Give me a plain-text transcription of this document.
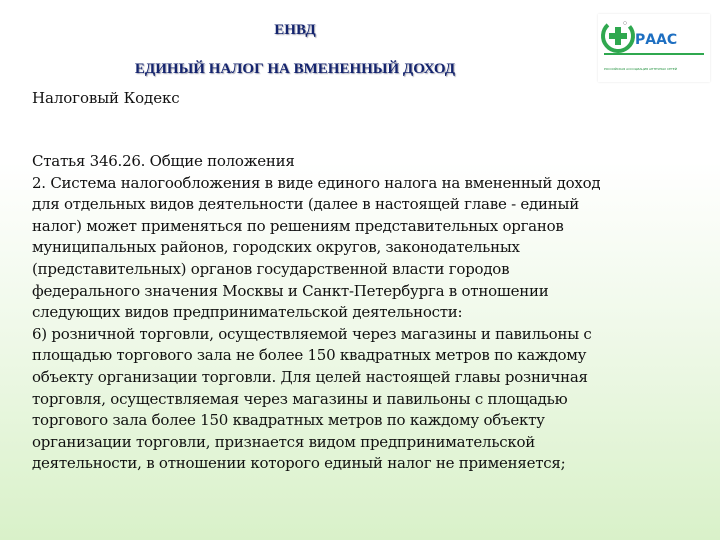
ЕНВД
ЕДИНЫЙ НАЛОГ НА ВМЕНЕННЫЙ ДОХОД
РААС
РОССИЙСКАЯ АССОЦИАЦИЯ АПТЕЧНЫХ СЕТЕЙ
Налоговый Кодекс

Статья 346.26. Общие положения

2. Система налогообложения в виде единого налога на вмененный доход

для отдельных видов деятельности (далее в настоящей главе - единый

налог) может применяться по решениям представительных органов

муниципальных районов, городских округов, законодательных

(представительных) органов государственной власти городов

федерального значения Москвы и Санкт-Петербурга в отношении

следующих видов предпринимательской деятельности:

6) розничной торговли, осуществляемой через магазины и павильоны с

площадью торгового зала не более 150 квадратных метров по каждому

объекту организации торговли. Для целей настоящей главы розничная

торговля, осуществляемая через магазины и павильоны с площадью

торгового зала более 150 квадратных метров по каждому объекту

организации торговли, признается видом предпринимательской

деятельности, в отношении которого единый налог не применяется;
